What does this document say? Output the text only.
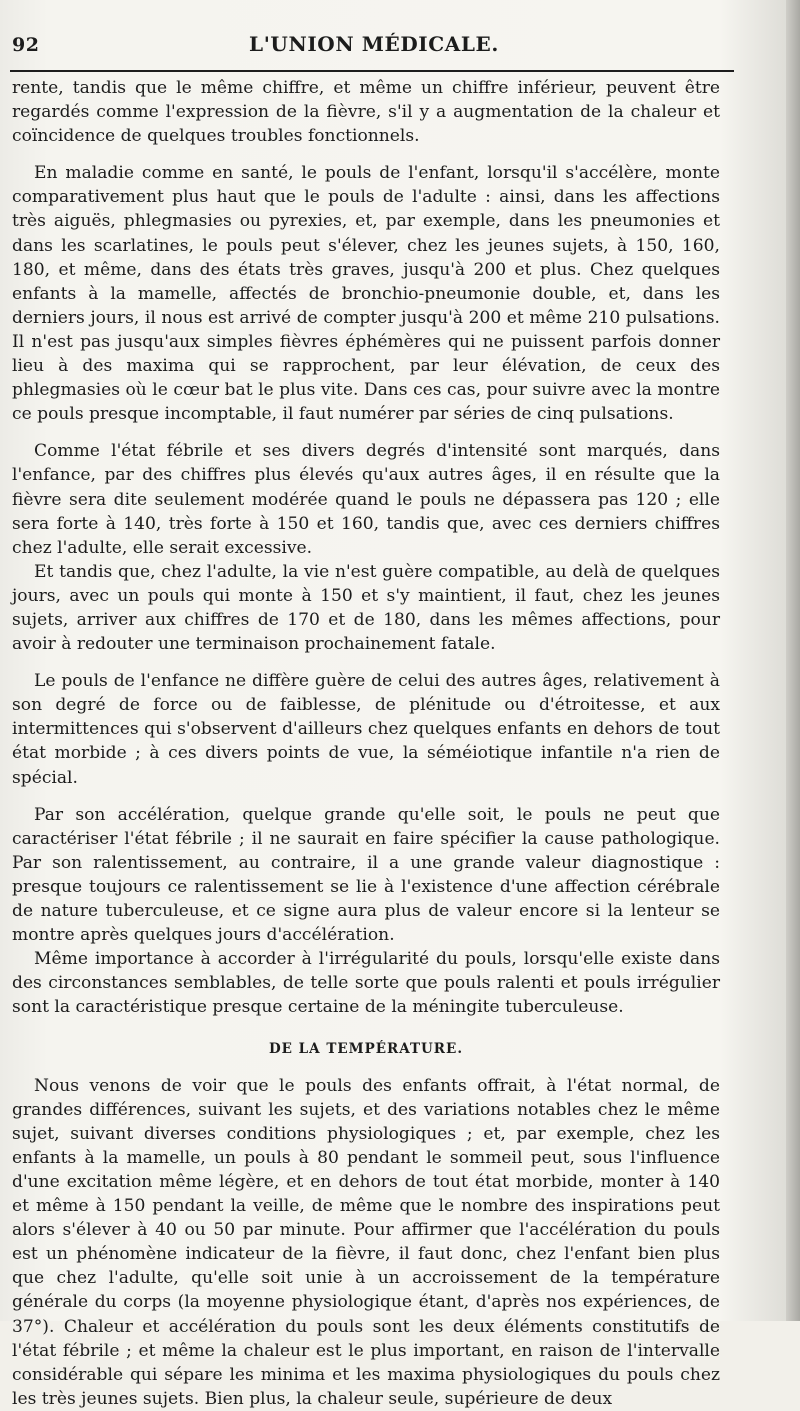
92	L'UNION MÉDICALE.

rente, tandis que le même chiffre, et même un chiffre inférieur, peuvent être regardés comme l'expression de la fièvre, s'il y a augmentation de la chaleur et coïncidence de quelques troubles fonctionnels.

En maladie comme en santé, le pouls de l'enfant, lorsqu'il s'accélère, monte comparativement plus haut que le pouls de l'adulte : ainsi, dans les affections très aiguës, phlegmasies ou pyrexies, et, par exemple, dans les pneumonies et dans les scarlatines, le pouls peut s'élever, chez les jeunes sujets, à 150, 160, 180, et même, dans des états très graves, jusqu'à 200 et plus. Chez quelques enfants à la mamelle, affectés de bronchio-pneumonie double, et, dans les derniers jours, il nous est arrivé de compter jusqu'à 200 et même 210 pulsations. Il n'est pas jusqu'aux simples fièvres éphémères qui ne puissent parfois donner lieu à des maxima qui se rapprochent, par leur élévation, de ceux des phlegmasies où le cœur bat le plus vite. Dans ces cas, pour suivre avec la montre ce pouls presque incomptable, il faut numérer par séries de cinq pulsations.

Comme l'état fébrile et ses divers degrés d'intensité sont marqués, dans l'enfance, par des chiffres plus élevés qu'aux autres âges, il en résulte que la fièvre sera dite seulement modérée quand le pouls ne dépassera pas 120 ; elle sera forte à 140, très forte à 150 et 160, tandis que, avec ces derniers chiffres chez l'adulte, elle serait excessive.

Et tandis que, chez l'adulte, la vie n'est guère compatible, au delà de quelques jours, avec un pouls qui monte à 150 et s'y maintient, il faut, chez les jeunes sujets, arriver aux chiffres de 170 et de 180, dans les mêmes affections, pour avoir à redouter une terminaison prochainement fatale.

Le pouls de l'enfance ne diffère guère de celui des autres âges, relativement à son degré de force ou de faiblesse, de plénitude ou d'étroitesse, et aux intermittences qui s'observent d'ailleurs chez quelques enfants en dehors de tout état morbide ; à ces divers points de vue, la séméiotique infantile n'a rien de spécial.

Par son accélération, quelque grande qu'elle soit, le pouls ne peut que caractériser l'état fébrile ; il ne saurait en faire spécifier la cause pathologique. Par son ralentissement, au contraire, il a une grande valeur diagnostique : presque toujours ce ralentissement se lie à l'existence d'une affection cérébrale de nature tuberculeuse, et ce signe aura plus de valeur encore si la lenteur se montre après quelques jours d'accélération.

Même importance à accorder à l'irrégularité du pouls, lorsqu'elle existe dans des circonstances semblables, de telle sorte que pouls ralenti et pouls irrégulier sont la caractéristique presque certaine de la méningite tuberculeuse.

DE LA TEMPÉRATURE.

Nous venons de voir que le pouls des enfants offrait, à l'état normal, de grandes différences, suivant les sujets, et des variations notables chez le même sujet, suivant diverses conditions physiologiques ; et, par exemple, chez les enfants à la mamelle, un pouls à 80 pendant le sommeil peut, sous l'influence d'une excitation même légère, et en dehors de tout état morbide, monter à 140 et même à 150 pendant la veille, de même que le nombre des inspirations peut alors s'élever à 40 ou 50 par minute. Pour affirmer que l'accélération du pouls est un phénomène indicateur de la fièvre, il faut donc, chez l'enfant bien plus que chez l'adulte, qu'elle soit unie à un accroissement de la température générale du corps (la moyenne physiologique étant, d'après nos expériences, de 37°). Chaleur et accélération du pouls sont les deux éléments constitutifs de l'état fébrile ; et même la chaleur est le plus important, en raison de l'intervalle considérable qui sépare les minima et les maxima physiologiques du pouls chez les très jeunes sujets. Bien plus, la chaleur seule, supérieure de deux
